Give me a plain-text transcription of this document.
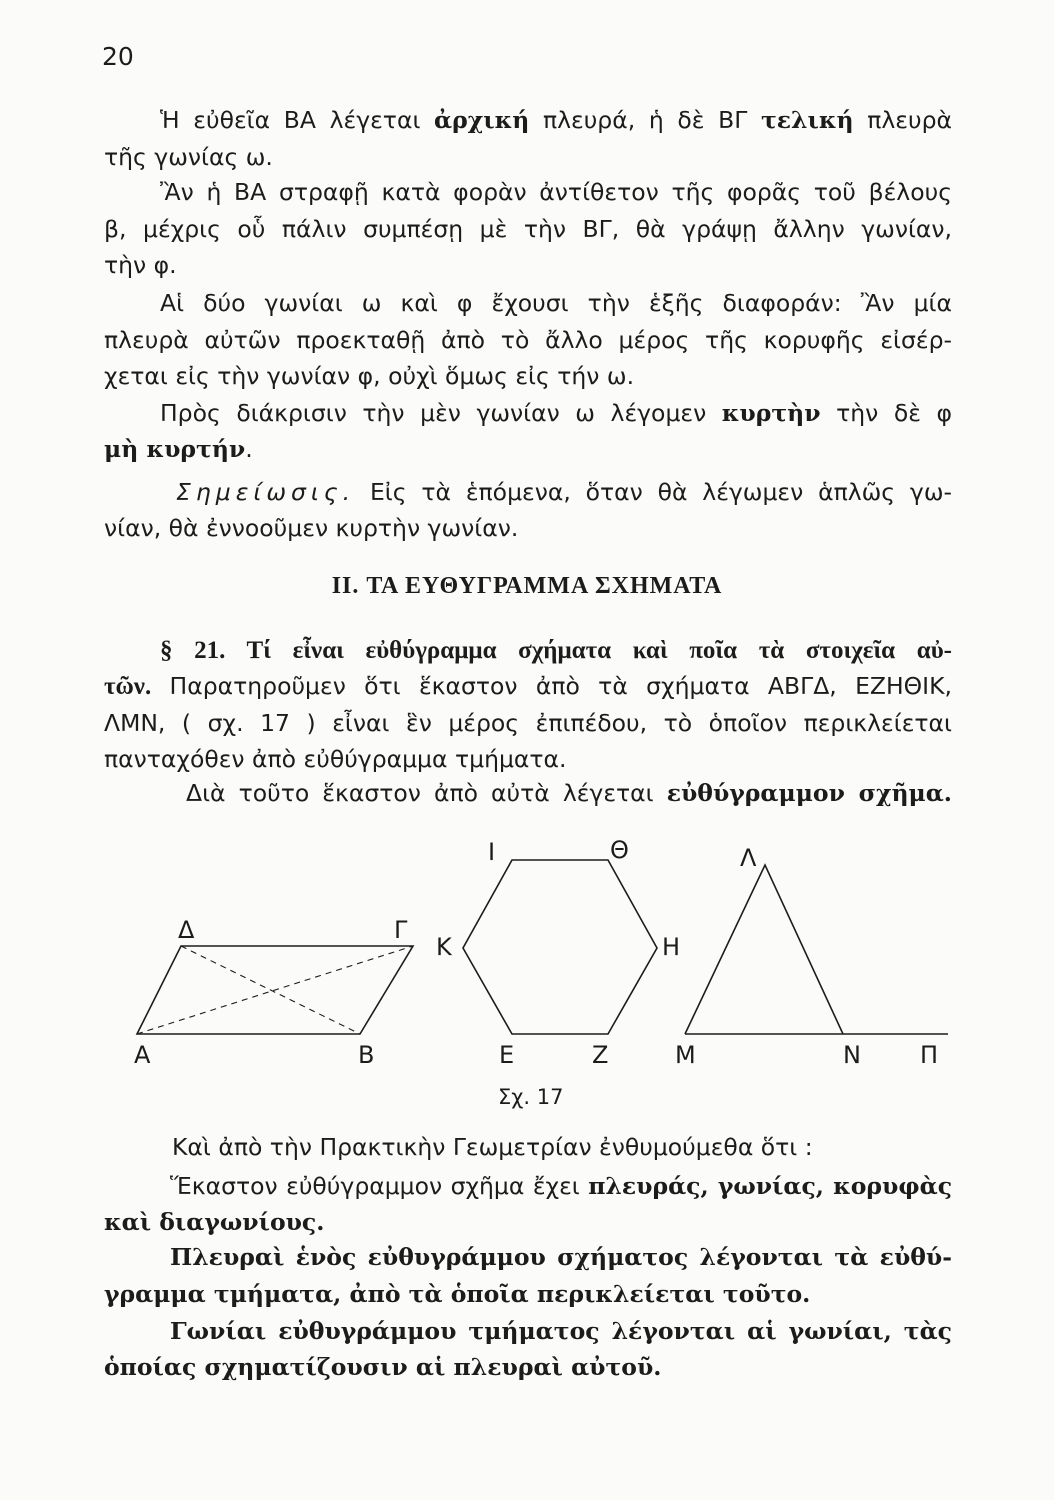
20
Ἡ εὐθεῖα ΒΑ λέγεται ἀρχική πλευρά, ἡ δὲ ΒΓ τελική πλευρὰ
τῆς γωνίας ω.
Ἂν ἡ ΒΑ στραφῇ κατὰ φορὰν ἀντίθετον τῆς φορᾶς τοῦ βέλους
β, μέχρις οὗ πάλιν συμπέσῃ μὲ τὴν ΒΓ, θὰ γράψῃ ἄλλην γωνίαν,
τὴν φ.
Αἱ δύο γωνίαι ω καὶ φ ἔχουσι τὴν ἑξῆς διαφοράν: Ἂν μία
πλευρὰ αὐτῶν προεκταθῇ ἀπὸ τὸ ἄλλο μέρος τῆς κορυφῆς εἰσέρ-
χεται εἰς τὴν γωνίαν φ, οὐχὶ ὅμως εἰς τήν ω.
Πρὸς διάκρισιν τὴν μὲν γωνίαν ω λέγομεν κυρτὴν τὴν δὲ φ
μὴ κυρτήν.
Σημείωσις. Εἰς τὰ ἑπόμενα, ὅταν θὰ λέγωμεν ἁπλῶς γω-
νίαν, θὰ ἐννοοῦμεν κυρτὴν γωνίαν.
II. ΤΑ ΕΥΘΥΓΡΑΜΜΑ ΣΧΗΜΑΤΑ
§ 21. Τί εἶναι εὐθύγραμμα σχήματα καὶ ποῖα τὰ στοιχεῖα αὐ-
τῶν. Παρατηροῦμεν ὅτι ἕκαστον ἀπὸ τὰ σχήματα ΑΒΓΔ, ΕΖΗΘΙΚ,
ΛΜΝ, ( σχ. 17 ) εἶναι ἓν μέρος ἐπιπέδου, τὸ ὁποῖον περικλείεται
πανταχόθεν ἀπὸ εὐθύγραμμα τμήματα.
Διὰ τοῦτο ἕκαστον ἀπὸ αὐτὰ λέγεται εὐθύγραμμον σχῆμα.
Α	Β
Γ
Δ
Ι	Θ
Κ	Η
Ε	Ζ
Λ
Μ	Ν Π
Σχ. 17
Καὶ ἀπὸ τὴν Πρακτικὴν Γεωμετρίαν ἐνθυμούμεθα ὅτι :
Ἕκαστον εὐθύγραμμον σχῆμα ἔχει πλευράς, γωνίας, κορυφὰς
καὶ διαγωνίους.
Πλευραὶ ἑνὸς εὐθυγράμμου σχήματος λέγονται τὰ εὐθύ-
γραμμα τμήματα, ἀπὸ τὰ ὁποῖα περικλείεται τοῦτο.
Γωνίαι εὐθυγράμμου τμήματος λέγονται αἱ γωνίαι, τὰς
ὁποίας σχηματίζουσιν αἱ πλευραὶ αὐτοῦ.
